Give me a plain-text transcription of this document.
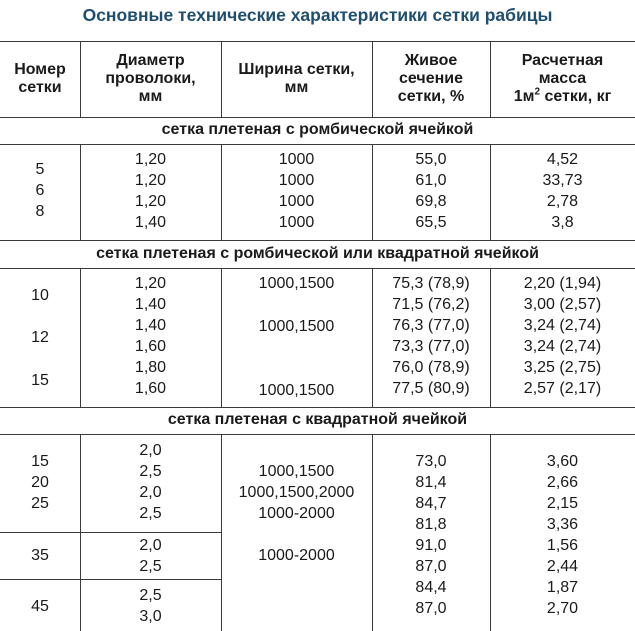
Основные технические характеристики сетки рабицы
Номер
сетки
Диаметр
проволоки,
мм
Ширина сетки,
мм
Живое
сечение
сетки, %
Расчетная
масса
$1м^2$ сетки, кг
сетка плетеная с ромбической ячейкой
5
6
8
1,20
1,20
1,20
1,40
1000
1000
1000
1000
55,0
61,0
69,8
65,5
4,52
33,73
2,78
3,8
сетка плетеная с ромбической или квадратной ячейкой
10
12
15
1,20
1,40
1,40
1,60
1,80
1,60
1000,1500
1000,1500
1000,1500
75,3 (78,9)
71,5 (76,2)
76,3 (77,0)
73,3 (77,0)
76,0 (78,9)
77,5 (80,9)
2,20 (1,94)
3,00 (2,57)
3,24 (2,74)
3,24 (2,74)
3,25 (2,75)
2,57 (2,17)
сетка плетеная с квадратной ячейкой
15
20
25
35
45
2,0
2,5
2,0
2,5
2,0
2,5
2,5
3,0
1000,1500
1000,1500,2000
1000-2000
1000-2000
73,0
81,4
84,7
81,8
91,0
87,0
84,4
87,0
3,60
2,66
2,15
3,36
1,56
2,44
1,87
2,70
